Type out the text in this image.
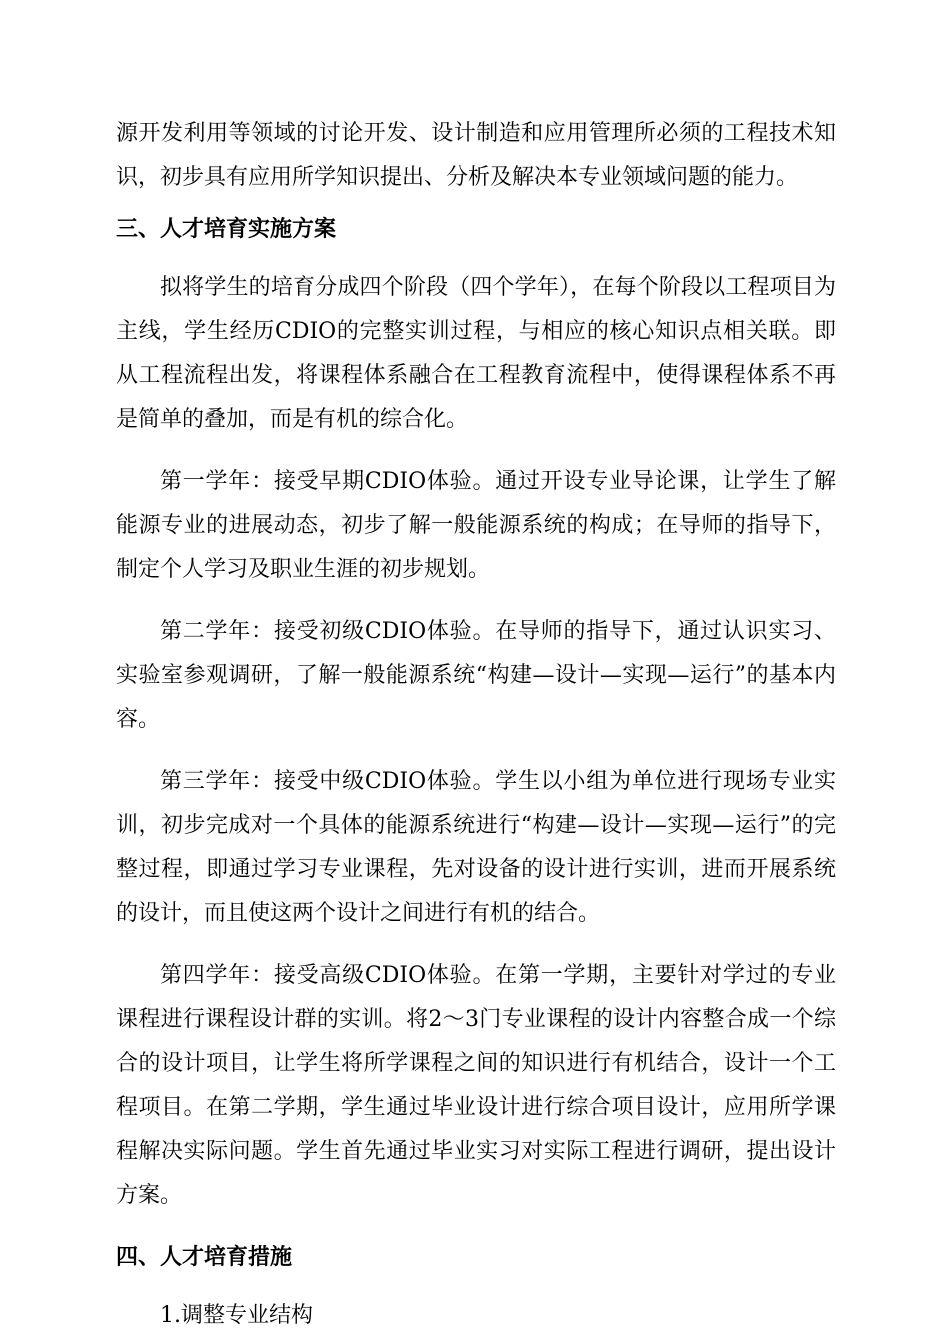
源开发利用等领域的讨论开发、设计制造和应用管理所必须的工程技术知识，初步具有应用所学知识提出、分析及解决本专业领域问题的能力。

三、人才培育实施方案

拟将学生的培育分成四个阶段（四个学年），在每个阶段以工程项目为主线，学生经历CDIO的完整实训过程，与相应的核心知识点相关联。即从工程流程出发，将课程体系融合在工程教育流程中，使得课程体系不再是简单的叠加，而是有机的综合化。

第一学年：接受早期CDIO体验。通过开设专业导论课，让学生了解能源专业的进展动态，初步了解一般能源系统的构成；在导师的指导下，制定个人学习及职业生涯的初步规划。

第二学年：接受初级CDIO体验。在导师的指导下，通过认识实习、实验室参观调研，了解一般能源系统“构建—设计—实现—运行”的基本内容。

第三学年：接受中级CDIO体验。学生以小组为单位进行现场专业实训，初步完成对一个具体的能源系统进行“构建—设计—实现—运行”的完整过程，即通过学习专业课程，先对设备的设计进行实训，进而开展系统的设计，而且使这两个设计之间进行有机的结合。

第四学年：接受高级CDIO体验。在第一学期，主要针对学过的专业课程进行课程设计群的实训。将2～3门专业课程的设计内容整合成一个综合的设计项目，让学生将所学课程之间的知识进行有机结合，设计一个工程项目。在第二学期，学生通过毕业设计进行综合项目设计，应用所学课程解决实际问题。学生首先通过毕业实习对实际工程进行调研，提出设计方案。

四、人才培育措施

1.调整专业结构
